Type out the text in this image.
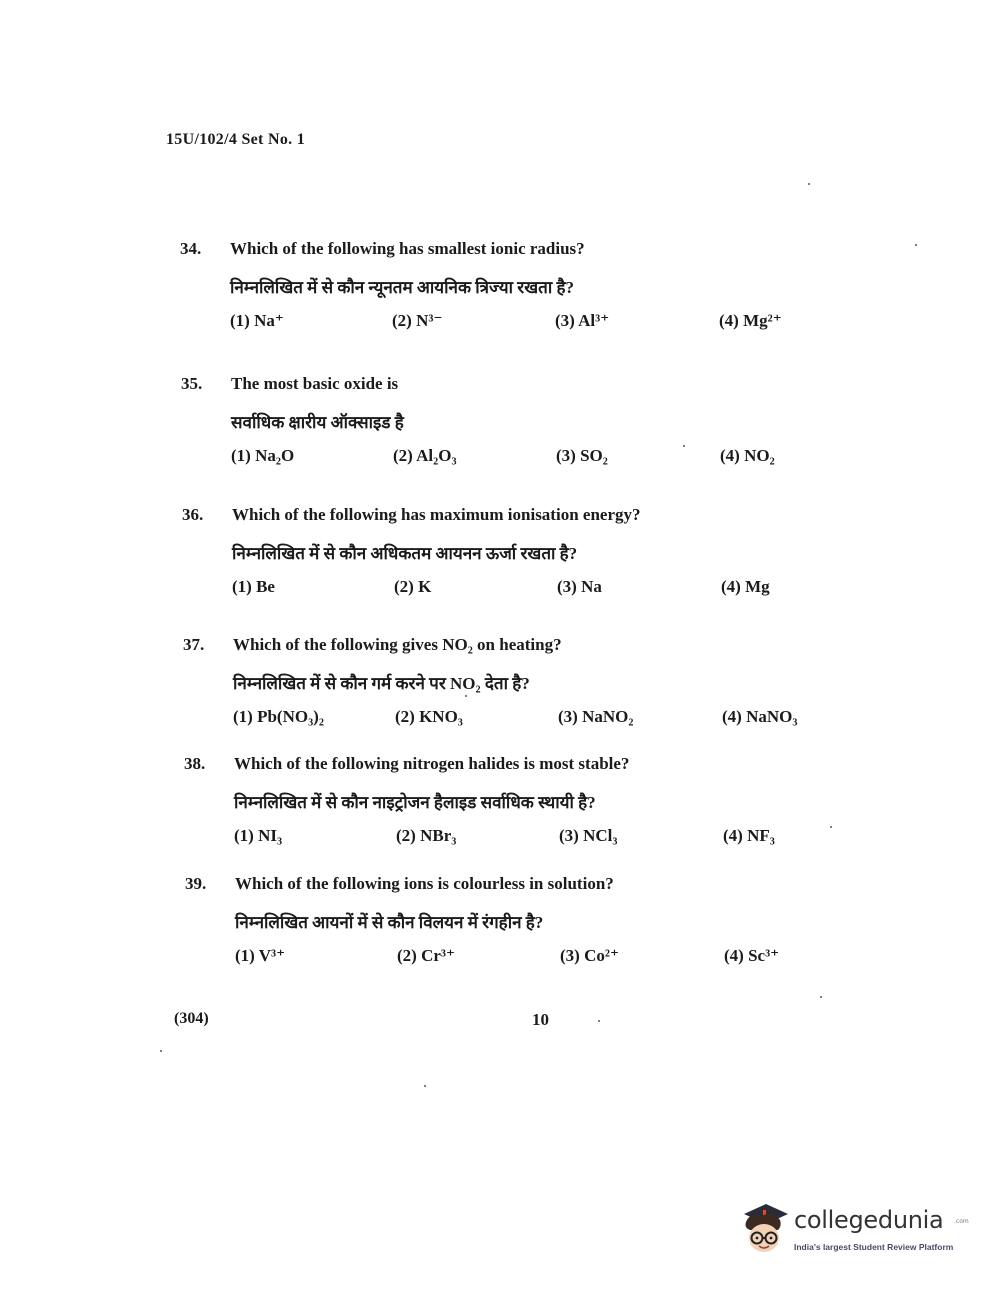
15U/102/4 Set No. 1
34. Which of the following has smallest ionic radius?
निम्नलिखित में से कौन न्यूनतम आयनिक त्रिज्या रखता है?
(1) Na⁺	(2) N³⁻	(3) Al³⁺	(4) Mg²⁺
35. The most basic oxide is
सर्वाधिक क्षारीय ऑक्साइड है
(1) Na₂O	(2) Al₂O₃	(3) SO₂	(4) NO₂
36. Which of the following has maximum ionisation energy?
निम्नलिखित में से कौन अधिकतम आयनन ऊर्जा रखता है?
(1) Be	(2) K	(3) Na	(4) Mg
37. Which of the following gives NO₂ on heating?
निम्नलिखित में से कौन गर्म करने पर NO₂ देता है?
(1) Pb(NO₃)₂	(2) KNO₃	(3) NaNO₂	(4) NaNO₃
38. Which of the following nitrogen halides is most stable?
निम्नलिखित में से कौन नाइट्रोजन हैलाइड सर्वाधिक स्थायी है?
(1) NI₃	(2) NBr₃	(3) NCl₃	(4) NF₃
39. Which of the following ions is colourless in solution?
निम्नलिखित आयनों में से कौन विलयन में रंगहीन है?
(1) V³⁺	(2) Cr³⁺	(3) Co²⁺	(4) Sc³⁺
(304)	10
collegedunia .com
India's largest Student Review Platform
